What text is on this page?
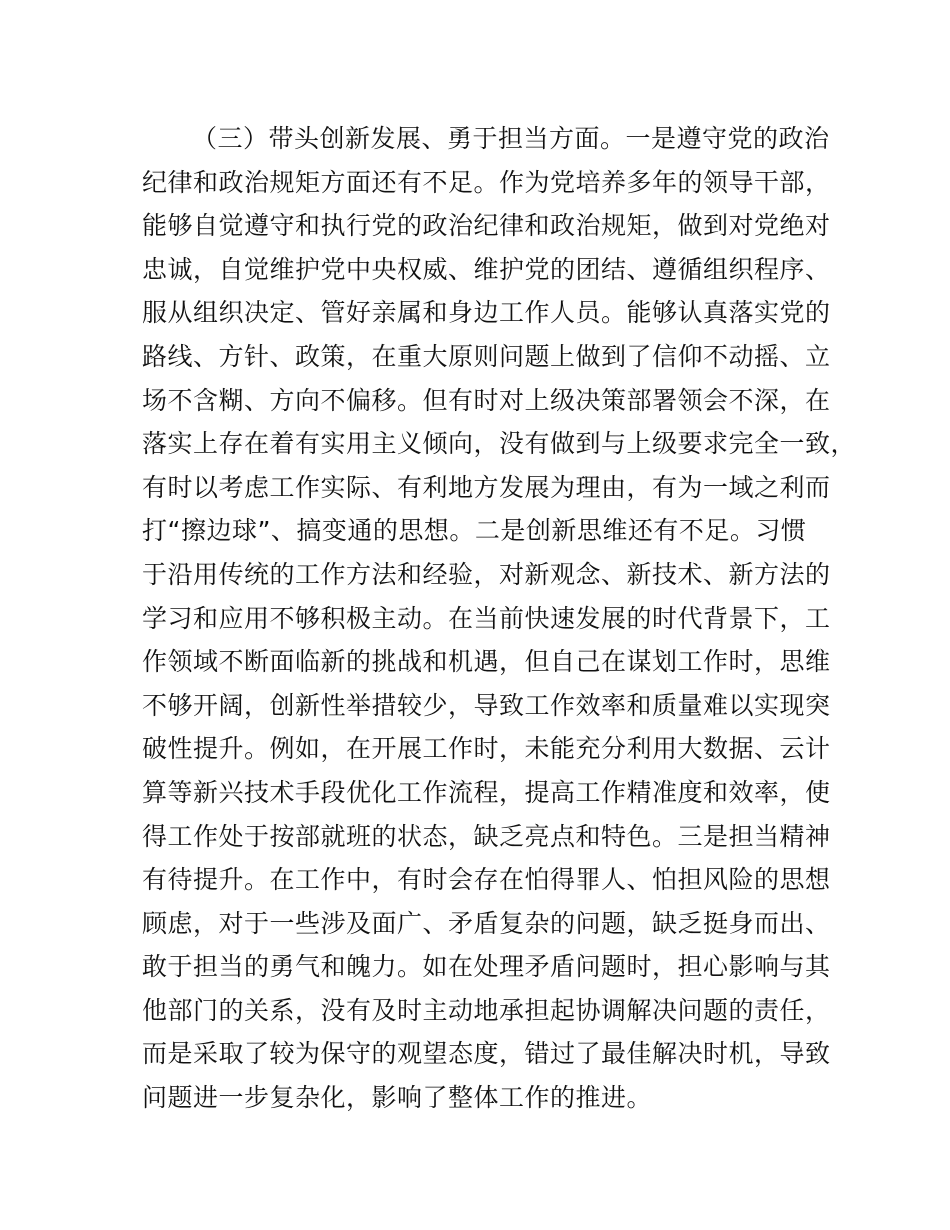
（三）带头创新发展、勇于担当方面。一是遵守党的政治
纪律和政治规矩方面还有不足。作为党培养多年的领导干部，
能够自觉遵守和执行党的政治纪律和政治规矩，做到对党绝对
忠诚，自觉维护党中央权威、维护党的团结、遵循组织程序、
服从组织决定、管好亲属和身边工作人员。能够认真落实党的
路线、方针、政策，在重大原则问题上做到了信仰不动摇、立
场不含糊、方向不偏移。但有时对上级决策部署领会不深，在
落实上存在着有实用主义倾向，没有做到与上级要求完全一致，
有时以考虑工作实际、有利地方发展为理由，有为一域之利而
打“擦边球”、搞变通的思想。二是创新思维还有不足。习惯
于沿用传统的工作方法和经验，对新观念、新技术、新方法的
学习和应用不够积极主动。在当前快速发展的时代背景下，工
作领域不断面临新的挑战和机遇，但自己在谋划工作时，思维
不够开阔，创新性举措较少，导致工作效率和质量难以实现突
破性提升。例如，在开展工作时，未能充分利用大数据、云计
算等新兴技术手段优化工作流程，提高工作精准度和效率，使
得工作处于按部就班的状态，缺乏亮点和特色。三是担当精神
有待提升。在工作中，有时会存在怕得罪人、怕担风险的思想
顾虑，对于一些涉及面广、矛盾复杂的问题，缺乏挺身而出、
敢于担当的勇气和魄力。如在处理矛盾问题时，担心影响与其
他部门的关系，没有及时主动地承担起协调解决问题的责任，
而是采取了较为保守的观望态度，错过了最佳解决时机，导致
问题进一步复杂化，影响了整体工作的推进。
